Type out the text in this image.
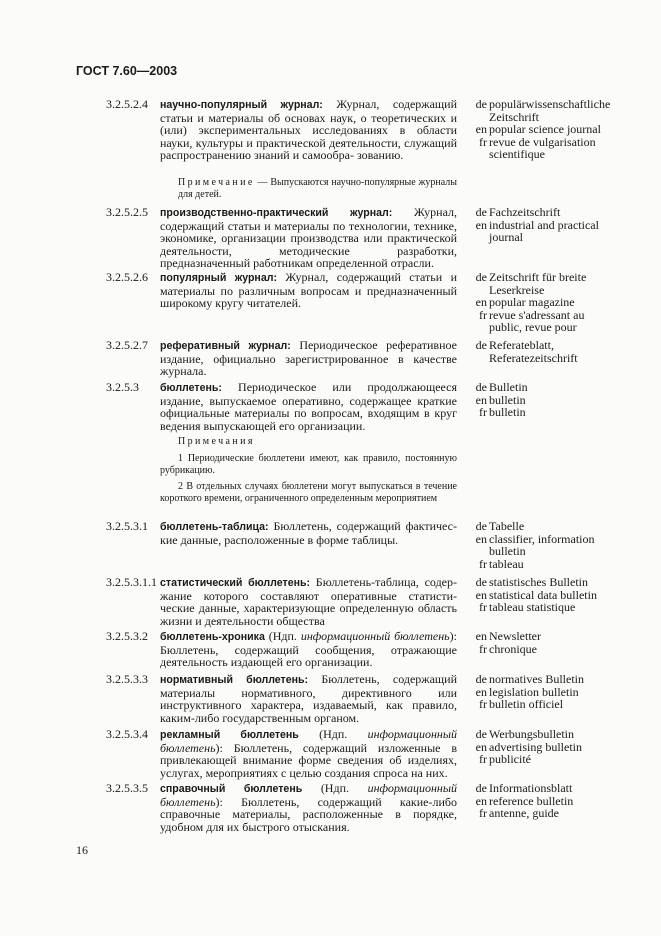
ГОСТ 7.60—2003
3.2.5.2.4 научно-популярный журнал: Журнал, содержащий статьи и материалы об основах наук, о теоретических и (или) экспериментальных исследованиях в области науки, культуры и практической деятельности, служащий распространению знаний и самообра- зованию.
de
en
fr
populärwissenschaftliche
Zeitschrift
popular science journal
revue de vulgarisation
scientifique
Примечание — Выпускаются научно-популярные журналы для детей.
3.2.5.2.5 производственно-практический журнал: Журнал, содержащий статьи и материалы по технологии, технике, экономике, организации производства или практической деятельности, методические разработки, предназначенный работникам определенной отрасли.
de
en
Fachzeitschrift
industrial and practical
journal
3.2.5.2.6 популярный журнал: Журнал, содержащий статьи и материалы по различным вопросам и предназначенный широкому кругу читателей.
de
en
fr
Zeitschrift für breite
Leserkreise
popular magazine
revue s'adressant au
public, revue pour
3.2.5.2.7 реферативный журнал: Периодическое реферативное издание, официально зарегистрированное в качестве журнала.
de Referateblatt,
Referatezeitschrift
3.2.5.3 бюллетень: Периодическое или продолжающееся издание, выпускаемое оперативно, содержащее краткие официальные материалы по вопросам, входящим в круг ведения выпускающей его организации.
de
en
fr
Bulletin
bulletin
bulletin
Примечания
1 Периодические бюллетени имеют, как правило, постоянную рубрикацию.
2 В отдельных случаях бюллетени могут выпускаться в течение короткого времени, ограниченного определенным мероприятием
3.2.5.3.1 бюллетень-таблица: Бюллетень, содержащий фактичес- кие данные, расположенные в форме таблицы.
de
en
fr
Tabelle
classifier, information
bulletin
tableau
3.2.5.3.1.1 статистический бюллетень: Бюллетень-таблица, содер- жание которого составляют оперативные статисти- ческие данные, характеризующие определенную область жизни и деятельности общества
de
en
fr
statistisches Bulletin
statistical data bulletin
tableau statistique
3.2.5.3.2 бюллетень-хроника (Ндп. информационный бюллетень): Бюллетень, содержащий сообщения, отражающие деятельность издающей его организации.
en
fr
Newsletter
chronique
3.2.5.3.3 нормативный бюллетень: Бюллетень, содержащий материалы нормативного, директивного или инструктивного характера, издаваемый, как правило, каким-либо государственным органом.
de
en
fr
normatives Bulletin
legislation bulletin
bulletin officiel
3.2.5.3.4 рекламный бюллетень (Ндп. информационный бюллетень): Бюллетень, содержащий изложенные в привлекающей внимание форме сведения об изделиях, услугах, мероприятиях с целью создания спроса на них.
de
en
fr
Werbungsbulletin
advertising bulletin
publicité
3.2.5.3.5 справочный бюллетень (Ндп. информационный бюллетень): Бюллетень, содержащий какие-либо справочные материалы, расположенные в порядке, удобном для их быстрого отыскания.
de
en
fr
Informationsblatt
reference bulletin
antenne, guide
16
